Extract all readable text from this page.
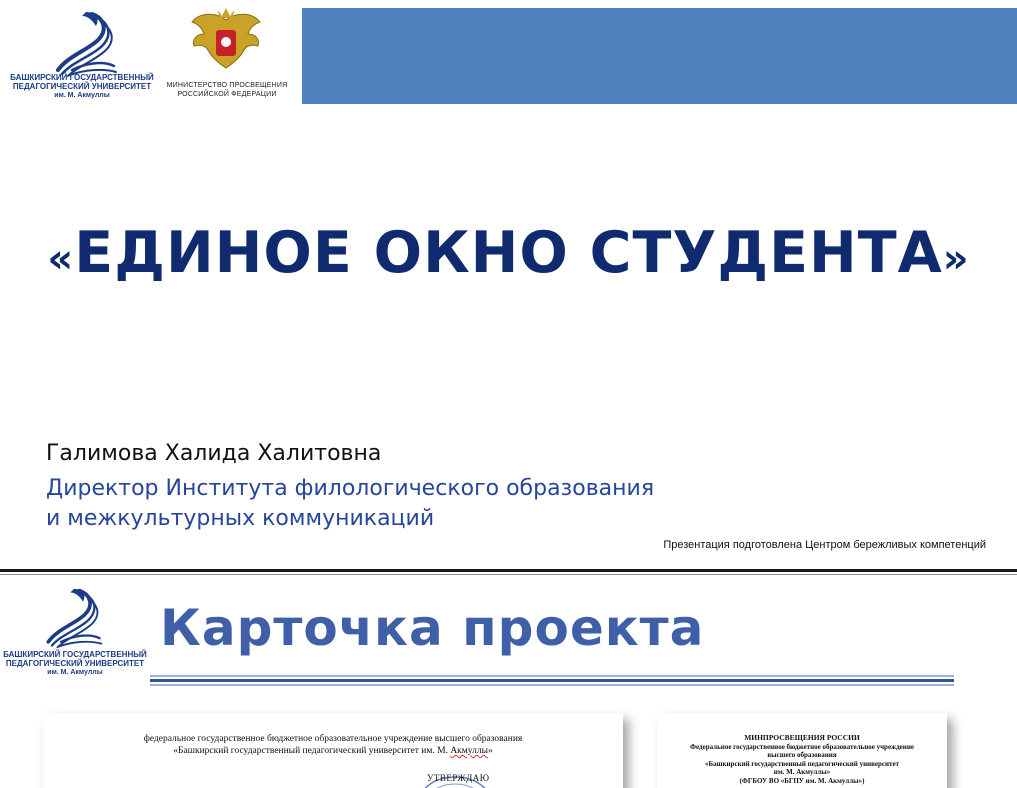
БАШКИРСКИЙ ГОСУДАРСТВЕННЫЙ
ПЕДАГОГИЧЕСКИЙ УНИВЕРСИТЕТ
им. М. Акмуллы
МИНИСТЕРСТВО ПРОСВЕЩЕНИЯ
РОССИЙСКОЙ ФЕДЕРАЦИИ
«ЕДИНОЕ ОКНО СТУДЕНТА»
Галимова Халида Халитовна
Директор Института филологического образования
и межкультурных коммуникаций
Презентация подготовлена Центром бережливых компетенций
БАШКИРСКИЙ ГОСУДАРСТВЕННЫЙ
ПЕДАГОГИЧЕСКИЙ УНИВЕРСИТЕТ
им. М. Акмуллы
Карточка проекта
федеральное государственное бюджетное образовательное учреждение высшего образования
«Башкирский государственный педагогический университет им. М. Акмуллы»
УТВЕРЖДАЮ
МИНПРОСВЕЩЕНИЯ РОССИИ
Федеральное государственное бюджетное образовательное учреждение
высшего образования
«Башкирский государственный педагогический университет
им. М. Акмуллы»
(ФГБОУ ВО «БГПУ им. М. Акмуллы»)
